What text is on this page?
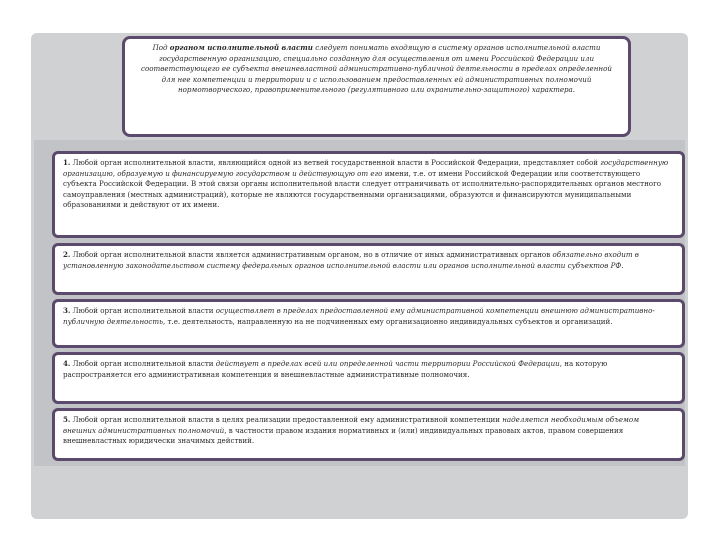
Под органом исполнительной власти следует понимать входящую в систему органов исполнительной власти государственную организацию, специально созданную для осуществления от имени Российской Федерации или соответствующего ее субъекта внешневластной административно-публичной деятельности в пределах определенной для нее компетенции и территории и с использованием предоставленных ей административных полномочий нормотворческого, правоприменительного (регулятивного или охранительно-защитного) характера.
1. Любой орган исполнительной власти, являющийся одной из ветвей государственной власти в Российской Федерации, представляет собой государственную организацию, образуемую и финансируемую государством и действующую от его имени, т.е. от имени Российской Федерации или соответствующего субъекта Российской Федерации. В этой связи органы исполнительной власти следует отграничивать от исполнительно-распорядительных органов местного самоуправления (местных администраций), которые не являются государственными организациями, образуются и финансируются муниципальными образованиями и действуют от их имени.
2. Любой орган исполнительной власти является административным органом, но в отличие от иных административных органов обязательно входит в установленную законодательством систему федеральных органов исполнительной власти или органов исполнительной власти субъектов РФ.
3. Любой орган исполнительной власти осуществляет в пределах предоставленной ему административной компетенции внешнюю административно-публичную деятельность, т.е. деятельность, направленную на не подчиненных ему организационно индивидуальных субъектов и организаций.
4. Любой орган исполнительной власти действует в пределах всей или определенной части территории Российской Федерации, на которую распространяется его административная компетенция и внешневластные административные полномочия.
5. Любой орган исполнительной власти в целях реализации предоставленной ему административной компетенции наделяется необходимым объемом внешних административных полномочий, в частности правом издания нормативных и (или) индивидуальных правовых актов, правом совершения внешневластных юридически значимых действий.
